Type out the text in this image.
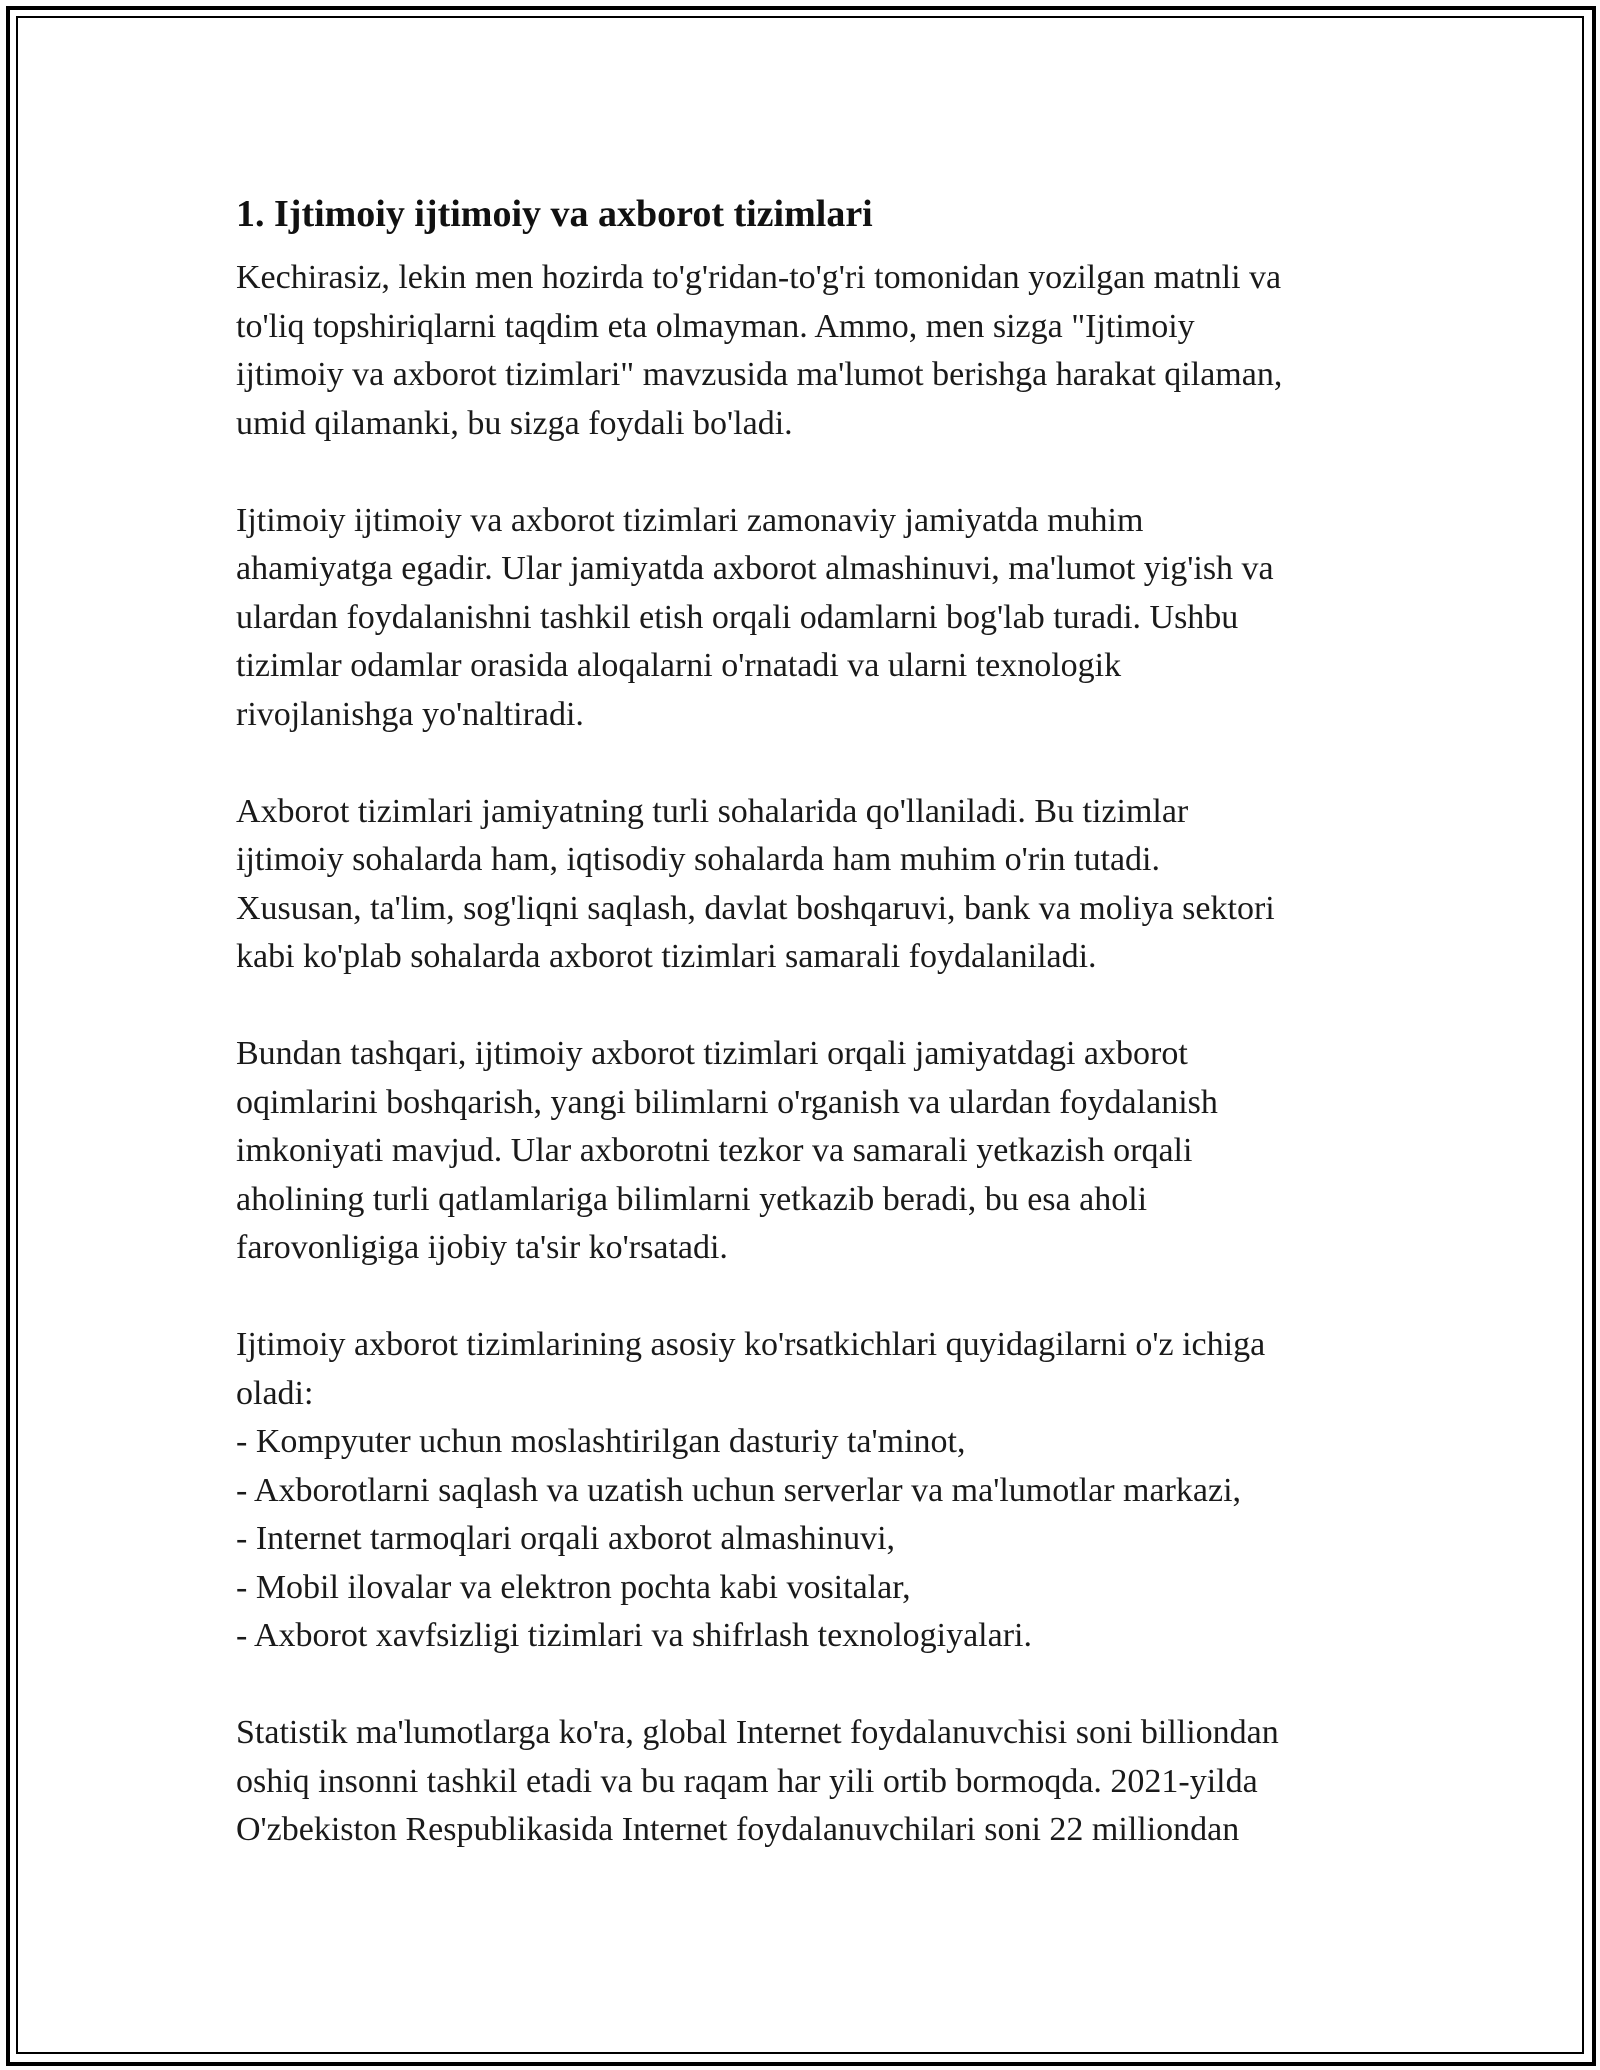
1. Ijtimoiy ijtimoiy va axborot tizimlari
Kechirasiz, lekin men hozirda to'g'ridan-to'g'ri tomonidan yozilgan matnli va
to'liq topshiriqlarni taqdim eta olmayman. Ammo, men sizga "Ijtimoiy
ijtimoiy va axborot tizimlari" mavzusida ma'lumot berishga harakat qilaman,
umid qilamanki, bu sizga foydali bo'ladi.
Ijtimoiy ijtimoiy va axborot tizimlari zamonaviy jamiyatda muhim
ahamiyatga egadir. Ular jamiyatda axborot almashinuvi, ma'lumot yig'ish va
ulardan foydalanishni tashkil etish orqali odamlarni bog'lab turadi. Ushbu
tizimlar odamlar orasida aloqalarni o'rnatadi va ularni texnologik
rivojlanishga yo'naltiradi.
Axborot tizimlari jamiyatning turli sohalarida qo'llaniladi. Bu tizimlar
ijtimoiy sohalarda ham, iqtisodiy sohalarda ham muhim o'rin tutadi.
Xususan, ta'lim, sog'liqni saqlash, davlat boshqaruvi, bank va moliya sektori
kabi ko'plab sohalarda axborot tizimlari samarali foydalaniladi.
Bundan tashqari, ijtimoiy axborot tizimlari orqali jamiyatdagi axborot
oqimlarini boshqarish, yangi bilimlarni o'rganish va ulardan foydalanish
imkoniyati mavjud. Ular axborotni tezkor va samarali yetkazish orqali
aholining turli qatlamlariga bilimlarni yetkazib beradi, bu esa aholi
farovonligiga ijobiy ta'sir ko'rsatadi.
Ijtimoiy axborot tizimlarining asosiy ko'rsatkichlari quyidagilarni o'z ichiga
oladi:
- Kompyuter uchun moslashtirilgan dasturiy ta'minot,
- Axborotlarni saqlash va uzatish uchun serverlar va ma'lumotlar markazi,
- Internet tarmoqlari orqali axborot almashinuvi,
- Mobil ilovalar va elektron pochta kabi vositalar,
- Axborot xavfsizligi tizimlari va shifrlash texnologiyalari.
Statistik ma'lumotlarga ko'ra, global Internet foydalanuvchisi soni billiondan
oshiq insonni tashkil etadi va bu raqam har yili ortib bormoqda. 2021-yilda
O'zbekiston Respublikasida Internet foydalanuvchilari soni 22 milliondan
